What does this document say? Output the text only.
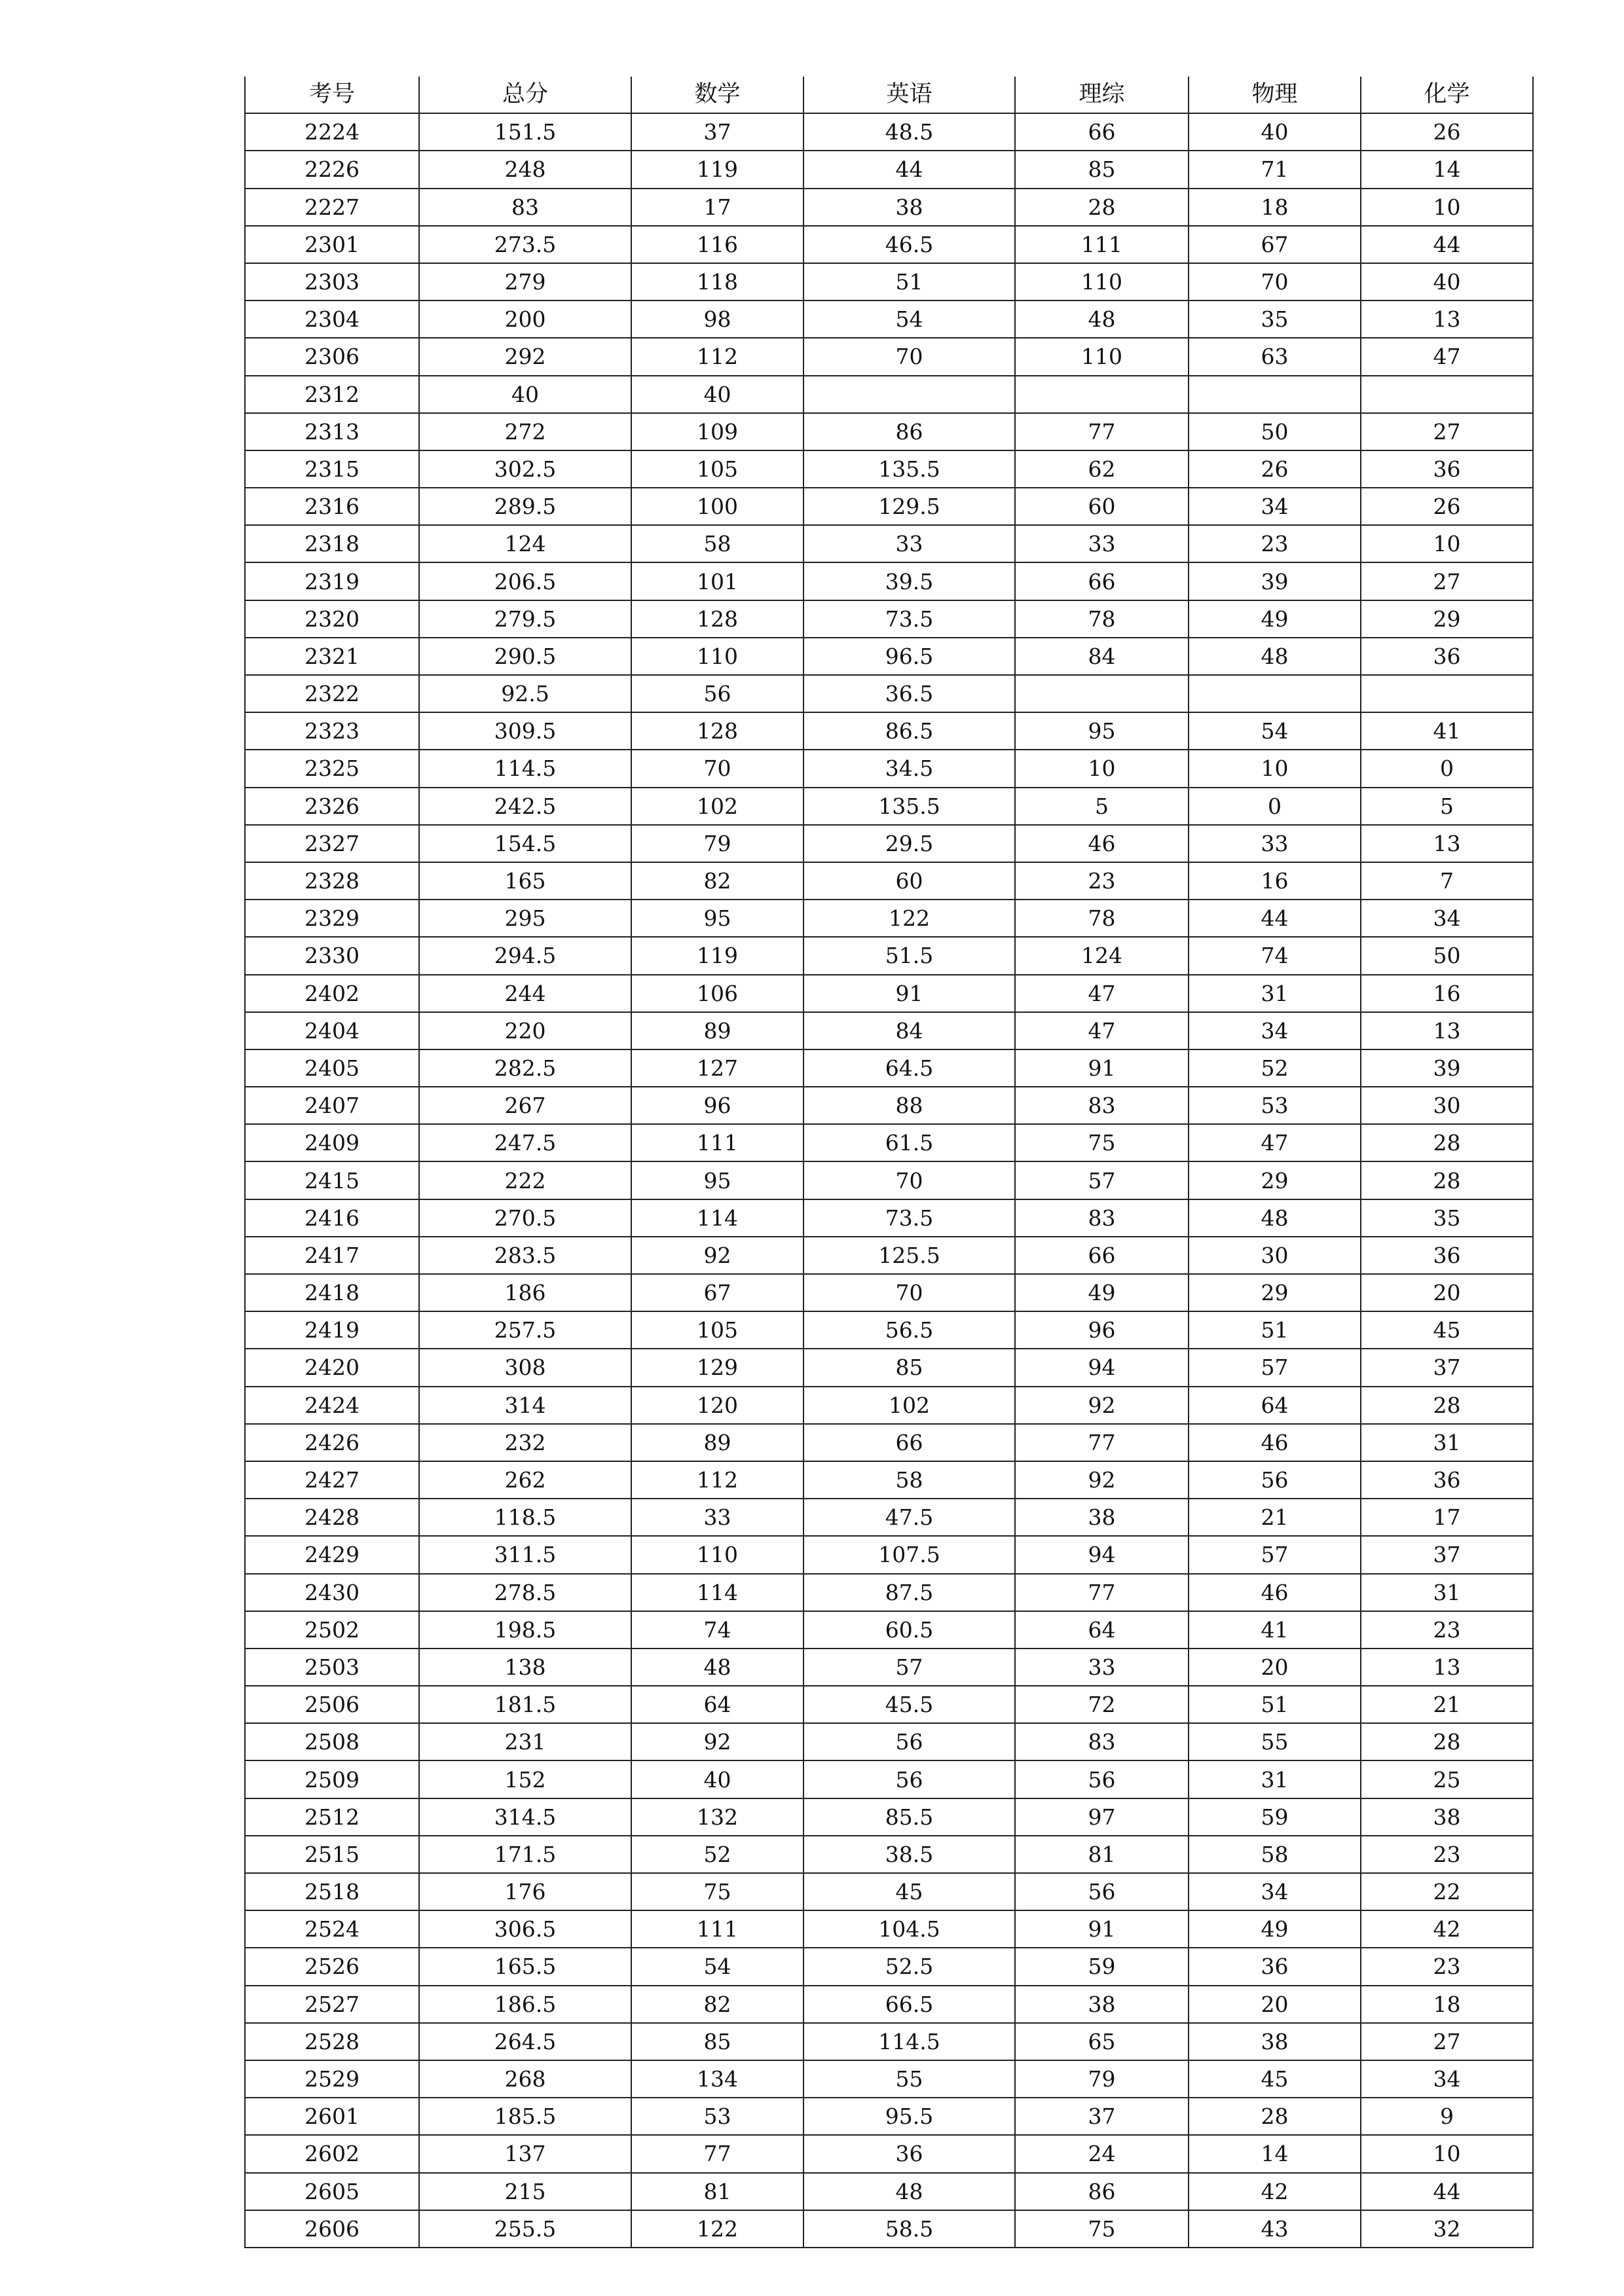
考号	总分	数学	英语	理综	物理	化学
2224	151.5	37	48.5	66	40	26
2226	248	119	44	85	71	14
2227	83	17	38	28	18	10
2301	273.5	116	46.5	111	67	44
2303	279	118	51	110	70	40
2304	200	98	54	48	35	13
2306	292	112	70	110	63	47
2312	40	40				
2313	272	109	86	77	50	27
2315	302.5	105	135.5	62	26	36
2316	289.5	100	129.5	60	34	26
2318	124	58	33	33	23	10
2319	206.5	101	39.5	66	39	27
2320	279.5	128	73.5	78	49	29
2321	290.5	110	96.5	84	48	36
2322	92.5	56	36.5			
2323	309.5	128	86.5	95	54	41
2325	114.5	70	34.5	10	10	0
2326	242.5	102	135.5	5	0	5
2327	154.5	79	29.5	46	33	13
2328	165	82	60	23	16	7
2329	295	95	122	78	44	34
2330	294.5	119	51.5	124	74	50
2402	244	106	91	47	31	16
2404	220	89	84	47	34	13
2405	282.5	127	64.5	91	52	39
2407	267	96	88	83	53	30
2409	247.5	111	61.5	75	47	28
2415	222	95	70	57	29	28
2416	270.5	114	73.5	83	48	35
2417	283.5	92	125.5	66	30	36
2418	186	67	70	49	29	20
2419	257.5	105	56.5	96	51	45
2420	308	129	85	94	57	37
2424	314	120	102	92	64	28
2426	232	89	66	77	46	31
2427	262	112	58	92	56	36
2428	118.5	33	47.5	38	21	17
2429	311.5	110	107.5	94	57	37
2430	278.5	114	87.5	77	46	31
2502	198.5	74	60.5	64	41	23
2503	138	48	57	33	20	13
2506	181.5	64	45.5	72	51	21
2508	231	92	56	83	55	28
2509	152	40	56	56	31	25
2512	314.5	132	85.5	97	59	38
2515	171.5	52	38.5	81	58	23
2518	176	75	45	56	34	22
2524	306.5	111	104.5	91	49	42
2526	165.5	54	52.5	59	36	23
2527	186.5	82	66.5	38	20	18
2528	264.5	85	114.5	65	38	27
2529	268	134	55	79	45	34
2601	185.5	53	95.5	37	28	9
2602	137	77	36	24	14	10
2605	215	81	48	86	42	44
2606	255.5	122	58.5	75	43	32
